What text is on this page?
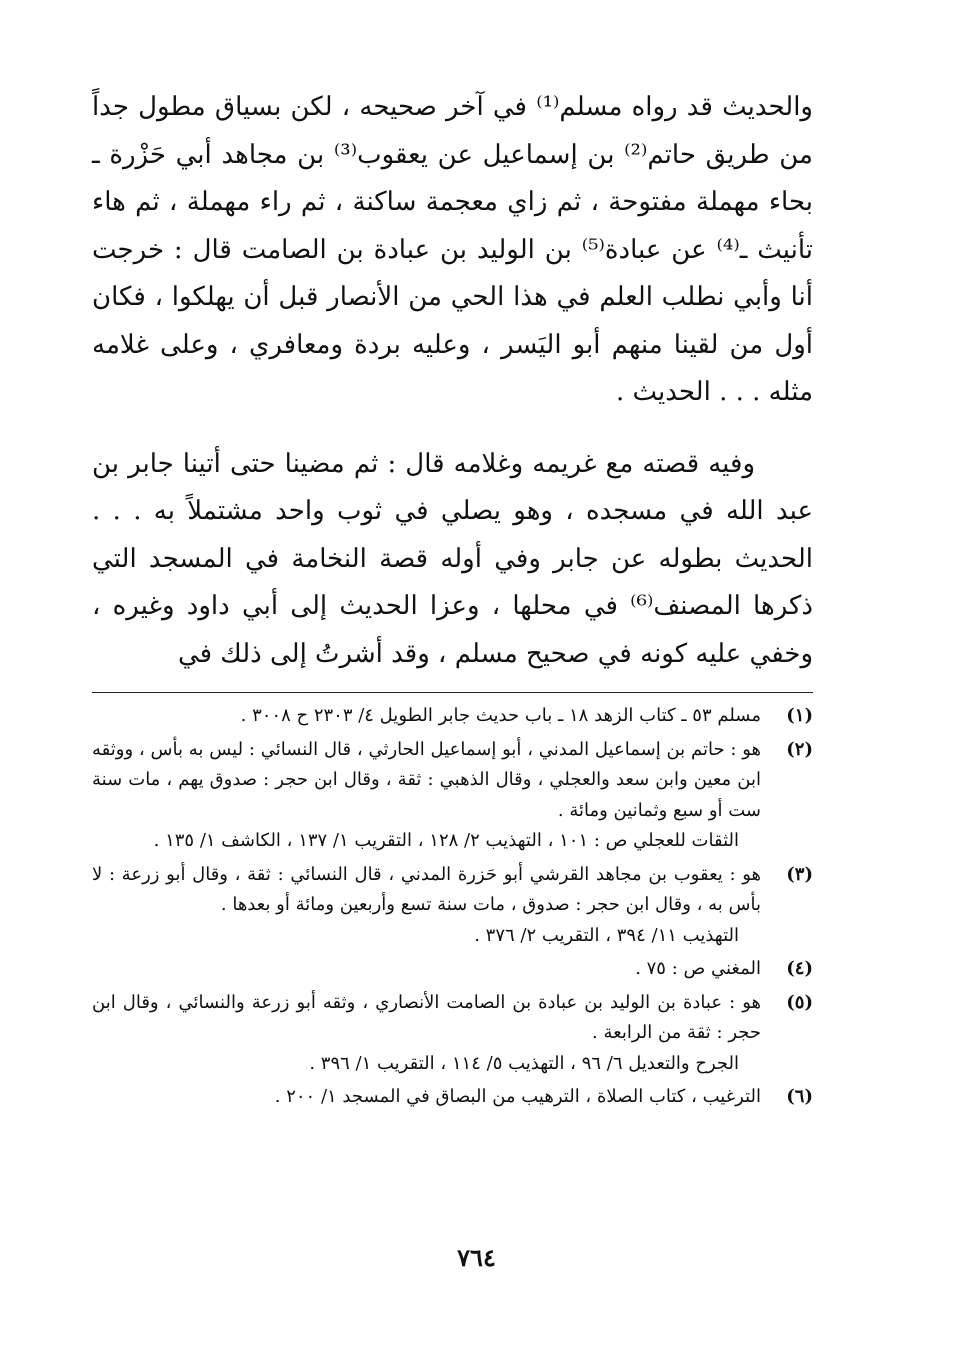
والحديث قد رواه مسلم⁽¹⁾ في آخر صحيحه ، لكن بسياق مطول جداً من طريق حاتم⁽²⁾ بن إسماعيل عن يعقوب⁽³⁾ بن مجاهد أبي حَزْرة ـ بحاء مهملة مفتوحة ، ثم زاي معجمة ساكنة ، ثم راء مهملة ، ثم هاء تأنيث ـ⁽⁴⁾ عن عبادة⁽⁵⁾ بن الوليد بن عبادة بن الصامت قال : خرجت أنا وأبي نطلب العلم في هذا الحي من الأنصار قبل أن يهلكوا ، فكان أول من لقينا منهم أبو اليَسر ، وعليه بردة ومعافري ، وعلى غلامه مثله . . . الحديث .

وفيه قصته مع غريمه وغلامه قال : ثم مضينا حتى أتينا جابر بن عبد الله في مسجده ، وهو يصلي في ثوب واحد مشتملاً به . . . الحديث بطوله عن جابر وفي أوله قصة النخامة في المسجد التي ذكرها المصنف⁽⁶⁾ في محلها ، وعزا الحديث إلى أبي داود وغيره ، وخفي عليه كونه في صحيح مسلم ، وقد أشرتُ إلى ذلك في

(١)
مسلم ٥٣ ـ كتاب الزهد ١٨ ـ باب حديث جابر الطويل ٤/ ٢٣٠٣ ح ٣٠٠٨ .
(٢)
هو : حاتم بن إسماعيل المدني ، أبو إسماعيل الحارثي ، قال النسائي : ليس به بأس ، ووثقه ابن معين وابن سعد والعجلي ، وقال الذهبي : ثقة ، وقال ابن حجر : صدوق يهم ، مات سنة ست أو سبع وثمانين ومائة .
الثقات للعجلي ص : ١٠١ ، التهذيب ٢/ ١٢٨ ، التقريب ١/ ١٣٧ ، الكاشف ١/ ١٣٥ .
(٣)
هو : يعقوب بن مجاهد القرشي أبو حَزرة المدني ، قال النسائي : ثقة ، وقال أبو زرعة : لا بأس به ، وقال ابن حجر : صدوق ، مات سنة تسع وأربعين ومائة أو بعدها .
التهذيب ١١/ ٣٩٤ ، التقريب ٢/ ٣٧٦ .
(٤)
المغني ص : ٧٥ .
(٥)
هو : عبادة بن الوليد بن عبادة بن الصامت الأنصاري ، وثقه أبو زرعة والنسائي ، وقال ابن حجر : ثقة من الرابعة .
الجرح والتعديل ٦/ ٩٦ ، التهذيب ٥/ ١١٤ ، التقريب ١/ ٣٩٦ .
(٦)
الترغيب ، كتاب الصلاة ، الترهيب من البصاق في المسجد ١/ ٢٠٠ .
٧٦٤
